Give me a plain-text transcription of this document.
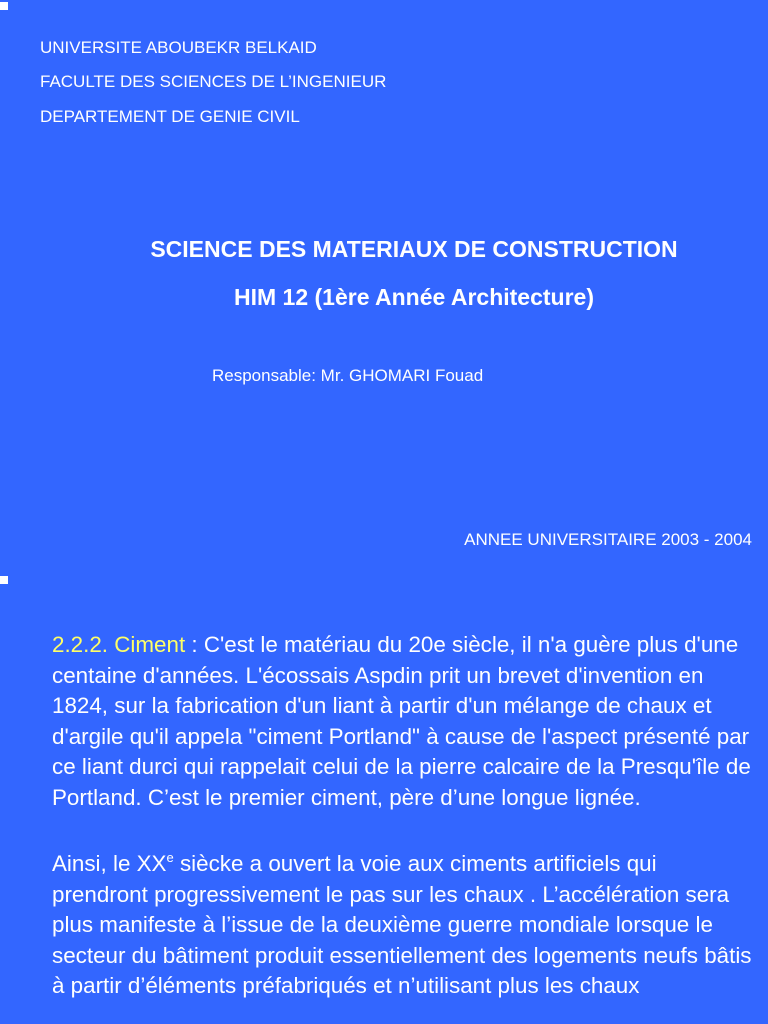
UNIVERSITE ABOUBEKR BELKAID
FACULTE DES SCIENCES DE L’INGENIEUR
DEPARTEMENT DE GENIE CIVIL
SCIENCE DES MATERIAUX DE CONSTRUCTION
HIM 12 (1ère Année Architecture)
Responsable: Mr. GHOMARI Fouad
ANNEE UNIVERSITAIRE 2003 - 2004

2.2.2. Ciment : C'est le matériau du 20e siècle, il n'a guère plus d'une centaine d'années. L'écossais Aspdin prit un brevet d'invention en 1824, sur la fabrication d'un liant à partir d'un mélange de chaux et d'argile qu'il appela "ciment Portland" à cause de l'aspect présenté par ce liant durci qui rappelait celui de la pierre calcaire de la Presqu'île de Portland. C’est le premier ciment, père d’une longue lignée.

Ainsi, le XXe siècke a ouvert la voie aux ciments artificiels qui prendront progressivement le pas sur les chaux . L’accélération sera plus manifeste à l’issue de la deuxième guerre mondiale lorsque le secteur du bâtiment produit essentiellement des logements neufs bâtis à partir d’éléments préfabriqués et n’utilisant plus les chaux
